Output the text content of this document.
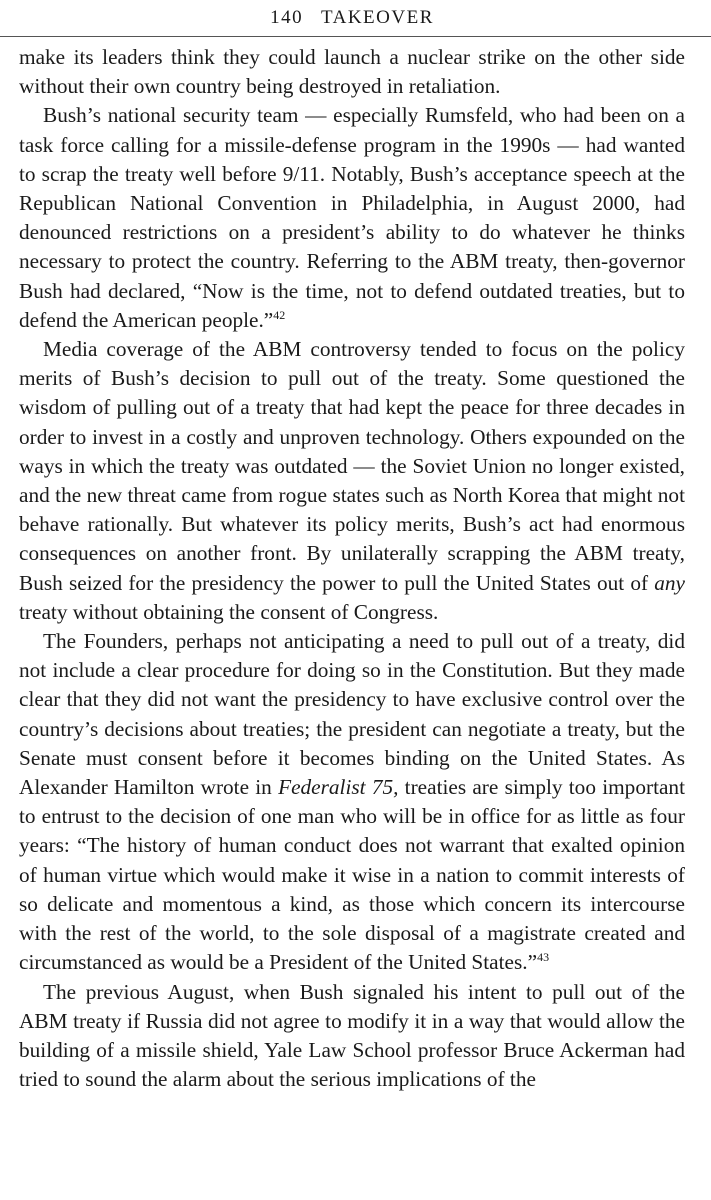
140 TAKEOVER

make its leaders think they could launch a nuclear strike on the other side without their own country being destroyed in retaliation.

Bush’s national security team — especially Rumsfeld, who had been on a task force calling for a missile-defense program in the 1990s — had wanted to scrap the treaty well before 9/11. Notably, Bush’s acceptance speech at the Republican National Convention in Philadelphia, in August 2000, had denounced restrictions on a president’s ability to do whatever he thinks necessary to protect the country. Referring to the ABM treaty, then-governor Bush had declared, “Now is the time, not to defend outdated treaties, but to defend the American people.”$^{42}$

Media coverage of the ABM controversy tended to focus on the policy merits of Bush’s decision to pull out of the treaty. Some questioned the wisdom of pulling out of a treaty that had kept the peace for three decades in order to invest in a costly and unproven technology. Others expounded on the ways in which the treaty was outdated — the Soviet Union no longer existed, and the new threat came from rogue states such as North Korea that might not behave rationally. But whatever its policy merits, Bush’s act had enormous consequences on another front. By unilaterally scrapping the ABM treaty, Bush seized for the presidency the power to pull the United States out of any treaty without obtaining the consent of Congress.

The Founders, perhaps not anticipating a need to pull out of a treaty, did not include a clear procedure for doing so in the Constitution. But they made clear that they did not want the presidency to have exclusive control over the country’s decisions about treaties; the president can negotiate a treaty, but the Senate must consent before it becomes binding on the United States. As Alexander Hamilton wrote in Federalist 75, treaties are simply too important to entrust to the decision of one man who will be in office for as little as four years: “The history of human conduct does not warrant that exalted opinion of human virtue which would make it wise in a nation to commit interests of so delicate and momentous a kind, as those which concern its intercourse with the rest of the world, to the sole disposal of a magistrate created and circumstanced as would be a President of the United States.”$^{43}$

The previous August, when Bush signaled his intent to pull out of the ABM treaty if Russia did not agree to modify it in a way that would allow the building of a missile shield, Yale Law School professor Bruce Ackerman had tried to sound the alarm about the serious implications of the
